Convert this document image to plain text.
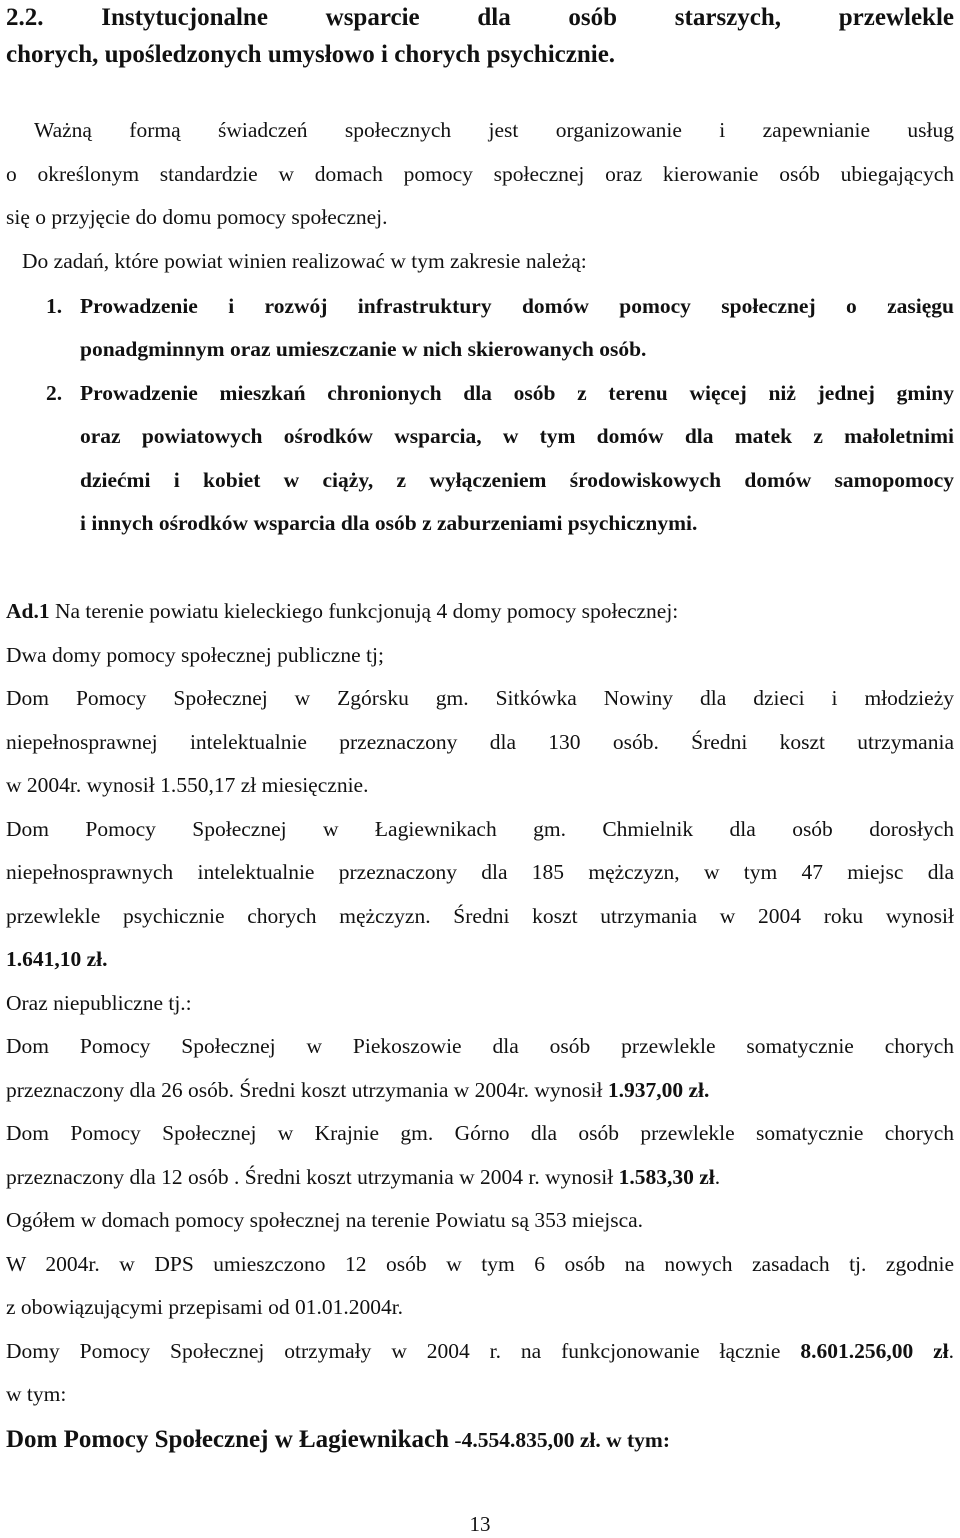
2.2. Instytucjonalne wsparcie dla osób starszych, przewlekle

chorych, upośledzonych umysłowo i chorych psychicznie.

Ważną formą świadczeń społecznych jest organizowanie i zapewnianie usług

o określonym standardzie w domach pomocy społecznej oraz kierowanie osób ubiegających

się o przyjęcie do domu pomocy społecznej.

Do zadań, które powiat winien realizować w tym zakresie należą:

1. Prowadzenie i rozwój infrastruktury domów pomocy społecznej o zasięgu

ponadgminnym oraz umieszczanie w nich skierowanych osób.

2. Prowadzenie mieszkań chronionych dla osób z terenu więcej niż jednej gminy

oraz powiatowych ośrodków wsparcia, w tym domów dla matek z małoletnimi

dziećmi i kobiet w ciąży, z wyłączeniem środowiskowych domów samopomocy

i innych ośrodków wsparcia dla osób z zaburzeniami psychicznymi.

Ad.1 Na terenie powiatu kieleckiego funkcjonują 4 domy pomocy społecznej:

Dwa domy pomocy społecznej publiczne tj;

Dom Pomocy Społecznej w Zgórsku gm. Sitkówka Nowiny dla dzieci i młodzieży

niepełnosprawnej intelektualnie przeznaczony dla 130 osób. Średni koszt utrzymania

w 2004r. wynosił 1.550,17 zł miesięcznie.

Dom Pomocy Społecznej w Łagiewnikach gm. Chmielnik dla osób dorosłych

niepełnosprawnych intelektualnie przeznaczony dla 185 mężczyzn, w tym 47 miejsc dla

przewlekle psychicznie chorych mężczyzn. Średni koszt utrzymania w 2004 roku wynosił

1.641,10 zł.

Oraz niepubliczne tj.:

Dom Pomocy Społecznej w Piekoszowie dla osób przewlekle somatycznie chorych

przeznaczony dla 26 osób. Średni koszt utrzymania w 2004r. wynosił 1.937,00 zł.

Dom Pomocy Społecznej w Krajnie gm. Górno dla osób przewlekle somatycznie chorych

przeznaczony dla 12 osób . Średni koszt utrzymania w 2004 r. wynosił 1.583,30 zł.

Ogółem w domach pomocy społecznej na terenie Powiatu są 353 miejsca.

W 2004r. w DPS umieszczono 12 osób w tym 6 osób na nowych zasadach tj. zgodnie

z obowiązującymi przepisami od 01.01.2004r.

Domy Pomocy Społecznej otrzymały w 2004 r. na funkcjonowanie łącznie 8.601.256,00 zł.

w tym:

Dom Pomocy Społecznej w Łagiewnikach -4.554.835,00 zł. w tym:

13
